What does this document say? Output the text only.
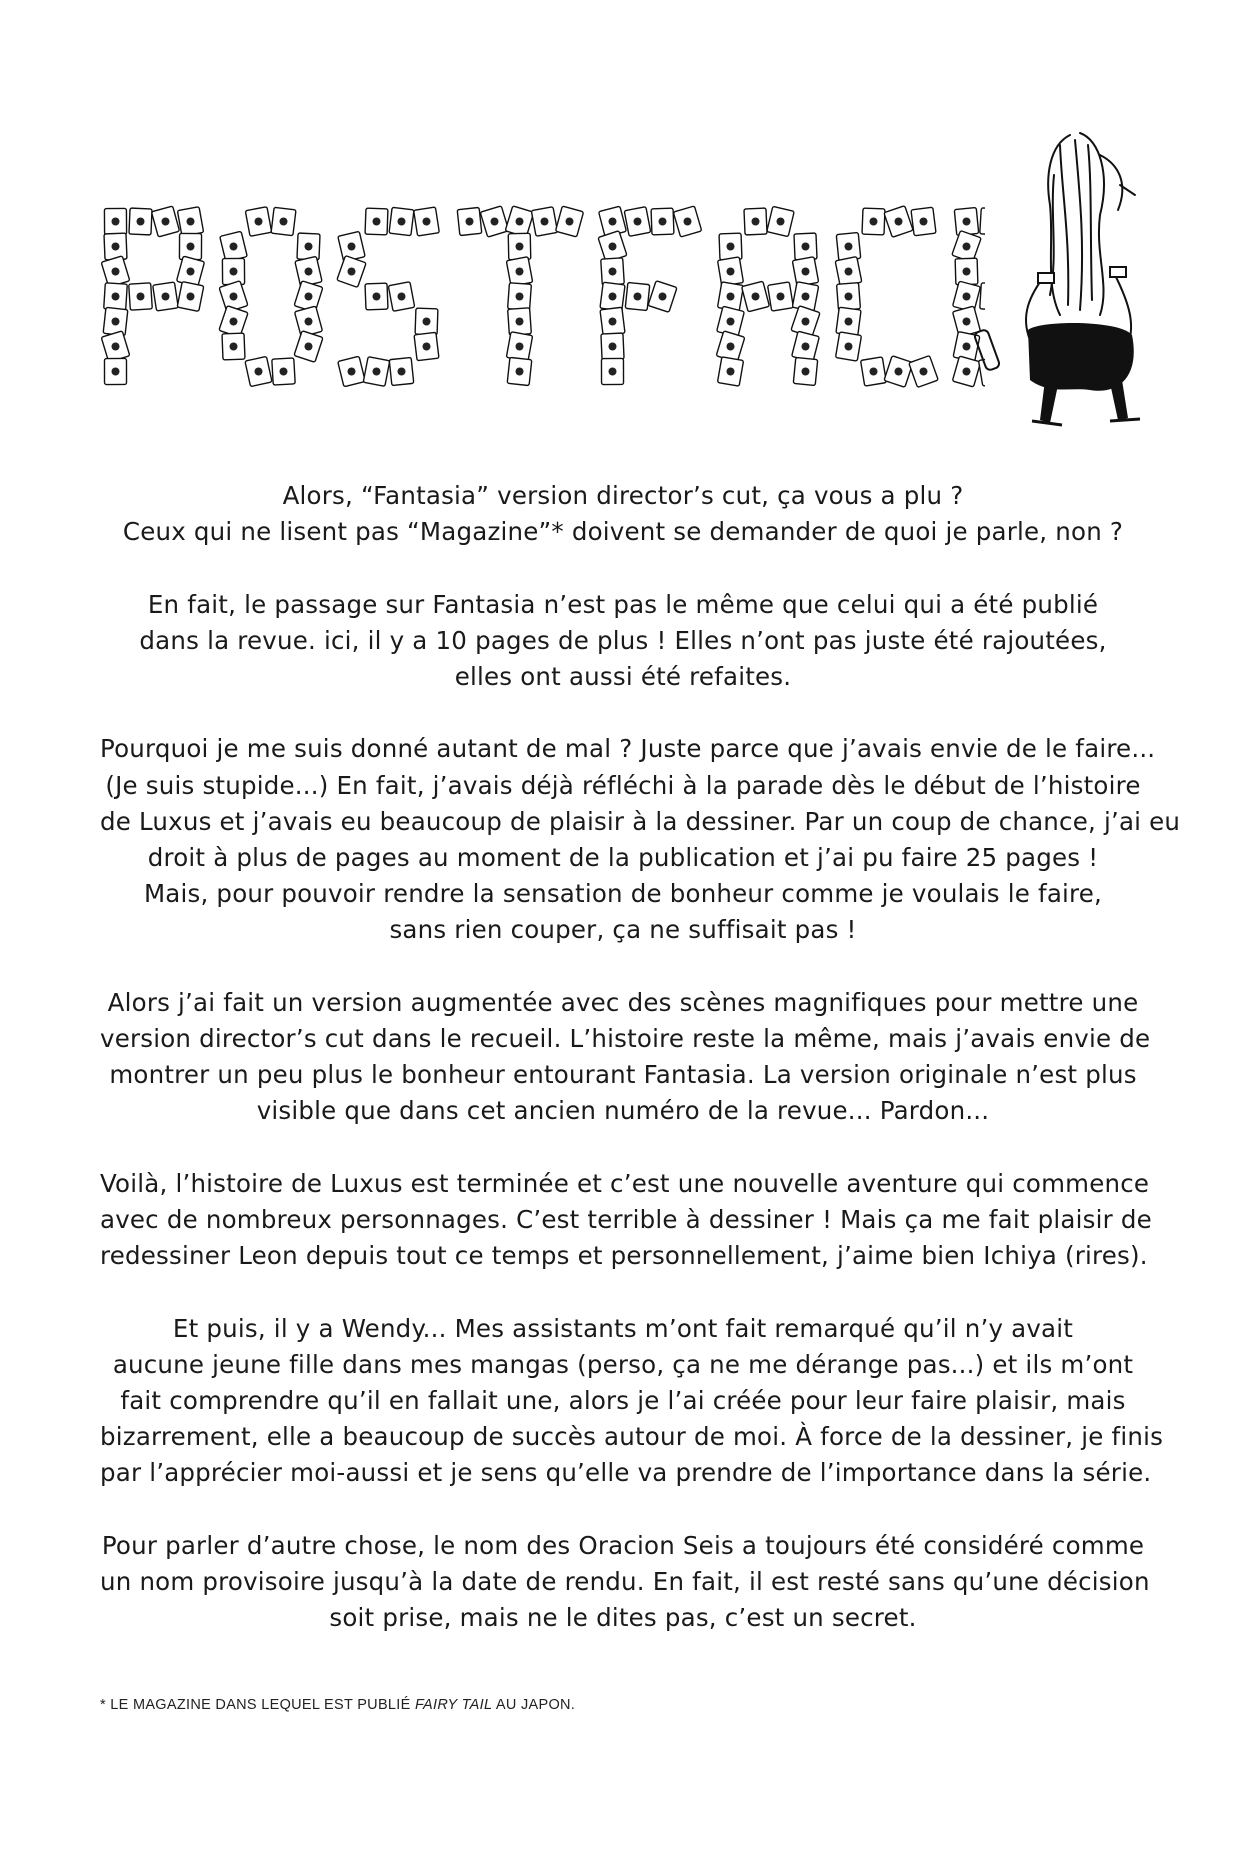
POSTFACE
Alors, “Fantasia” version director’s cut, ça vous a plu ?
Ceux qui ne lisent pas “Magazine”* doivent se demander de quoi je parle, non ?
En fait, le passage sur Fantasia n’est pas le même que celui qui a été publié
dans la revue. ici, il y a 10 pages de plus ! Elles n’ont pas juste été rajoutées,
elles ont aussi été refaites.
Pourquoi je me suis donné autant de mal ? Juste parce que j’avais envie de le faire...
(Je suis stupide...) En fait, j’avais déjà réfléchi à la parade dès le début de l’histoire
de Luxus et j’avais eu beaucoup de plaisir à la dessiner. Par un coup de chance, j’ai eu
droit à plus de pages au moment de la publication et j’ai pu faire 25 pages !
Mais, pour pouvoir rendre la sensation de bonheur comme je voulais le faire,
sans rien couper, ça ne suffisait pas !
Alors j’ai fait un version augmentée avec des scènes magnifiques pour mettre une
version director’s cut dans le recueil. L’histoire reste la même, mais j’avais envie de
montrer un peu plus le bonheur entourant Fantasia. La version originale n’est plus
visible que dans cet ancien numéro de la revue... Pardon...
Voilà, l’histoire de Luxus est terminée et c’est une nouvelle aventure qui commence
avec de nombreux personnages. C’est terrible à dessiner ! Mais ça me fait plaisir de
redessiner Leon depuis tout ce temps et personnellement, j’aime bien Ichiya (rires).
Et puis, il y a Wendy... Mes assistants m’ont fait remarqué qu’il n’y avait
aucune jeune fille dans mes mangas (perso, ça ne me dérange pas...) et ils m’ont
fait comprendre qu’il en fallait une, alors je l’ai créée pour leur faire plaisir, mais
bizarrement, elle a beaucoup de succès autour de moi. À force de la dessiner, je finis
par l’apprécier moi-aussi et je sens qu’elle va prendre de l’importance dans la série.
Pour parler d’autre chose, le nom des Oracion Seis a toujours été considéré comme
un nom provisoire jusqu’à la date de rendu. En fait, il est resté sans qu’une décision
soit prise, mais ne le dites pas, c’est un secret.
* LE MAGAZINE DANS LEQUEL EST PUBLIÉ FAIRY TAIL AU JAPON.
